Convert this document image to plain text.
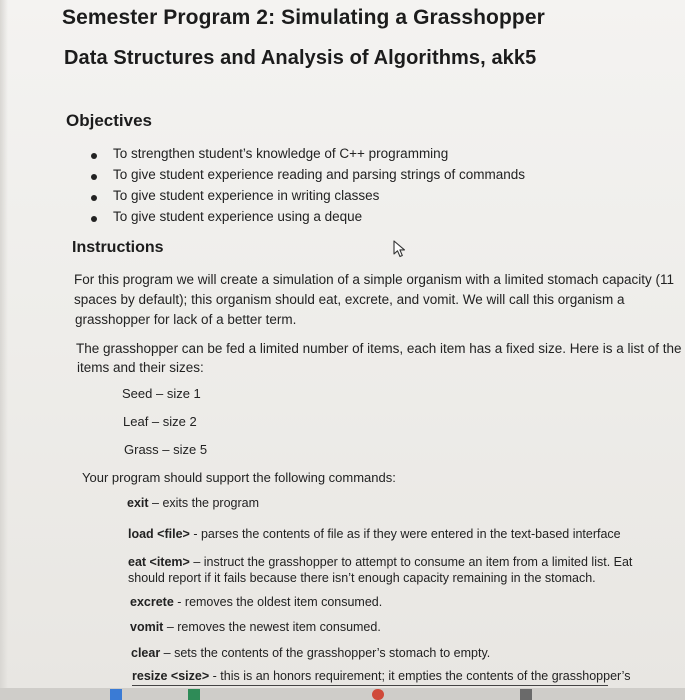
Semester Program 2: Simulating a Grasshopper
Data Structures and Analysis of Algorithms, akk5
Objectives
To strengthen student’s knowledge of C++ programming
To give student experience reading and parsing strings of commands
To give student experience in writing classes
To give student experience using a deque
Instructions
For this program we will create a simulation of a simple organism with a limited stomach capacity (11
spaces by default); this organism should eat, excrete, and vomit. We will call this organism a
grasshopper for lack of a better term.
The grasshopper can be fed a limited number of items, each item has a fixed size. Here is a list of the
items and their sizes:
Seed – size 1
Leaf – size 2
Grass – size 5
Your program should support the following commands:
exit – exits the program
load <file> - parses the contents of file as if they were entered in the text-based interface
eat <item> – instruct the grasshopper to attempt to consume an item from a limited list. Eat
should report if it fails because there isn’t enough capacity remaining in the stomach.
excrete - removes the oldest item consumed.
vomit – removes the newest item consumed.
clear – sets the contents of the grasshopper’s stomach to empty.
resize <size> - this is an honors requirement; it empties the contents of the grasshopper’s
